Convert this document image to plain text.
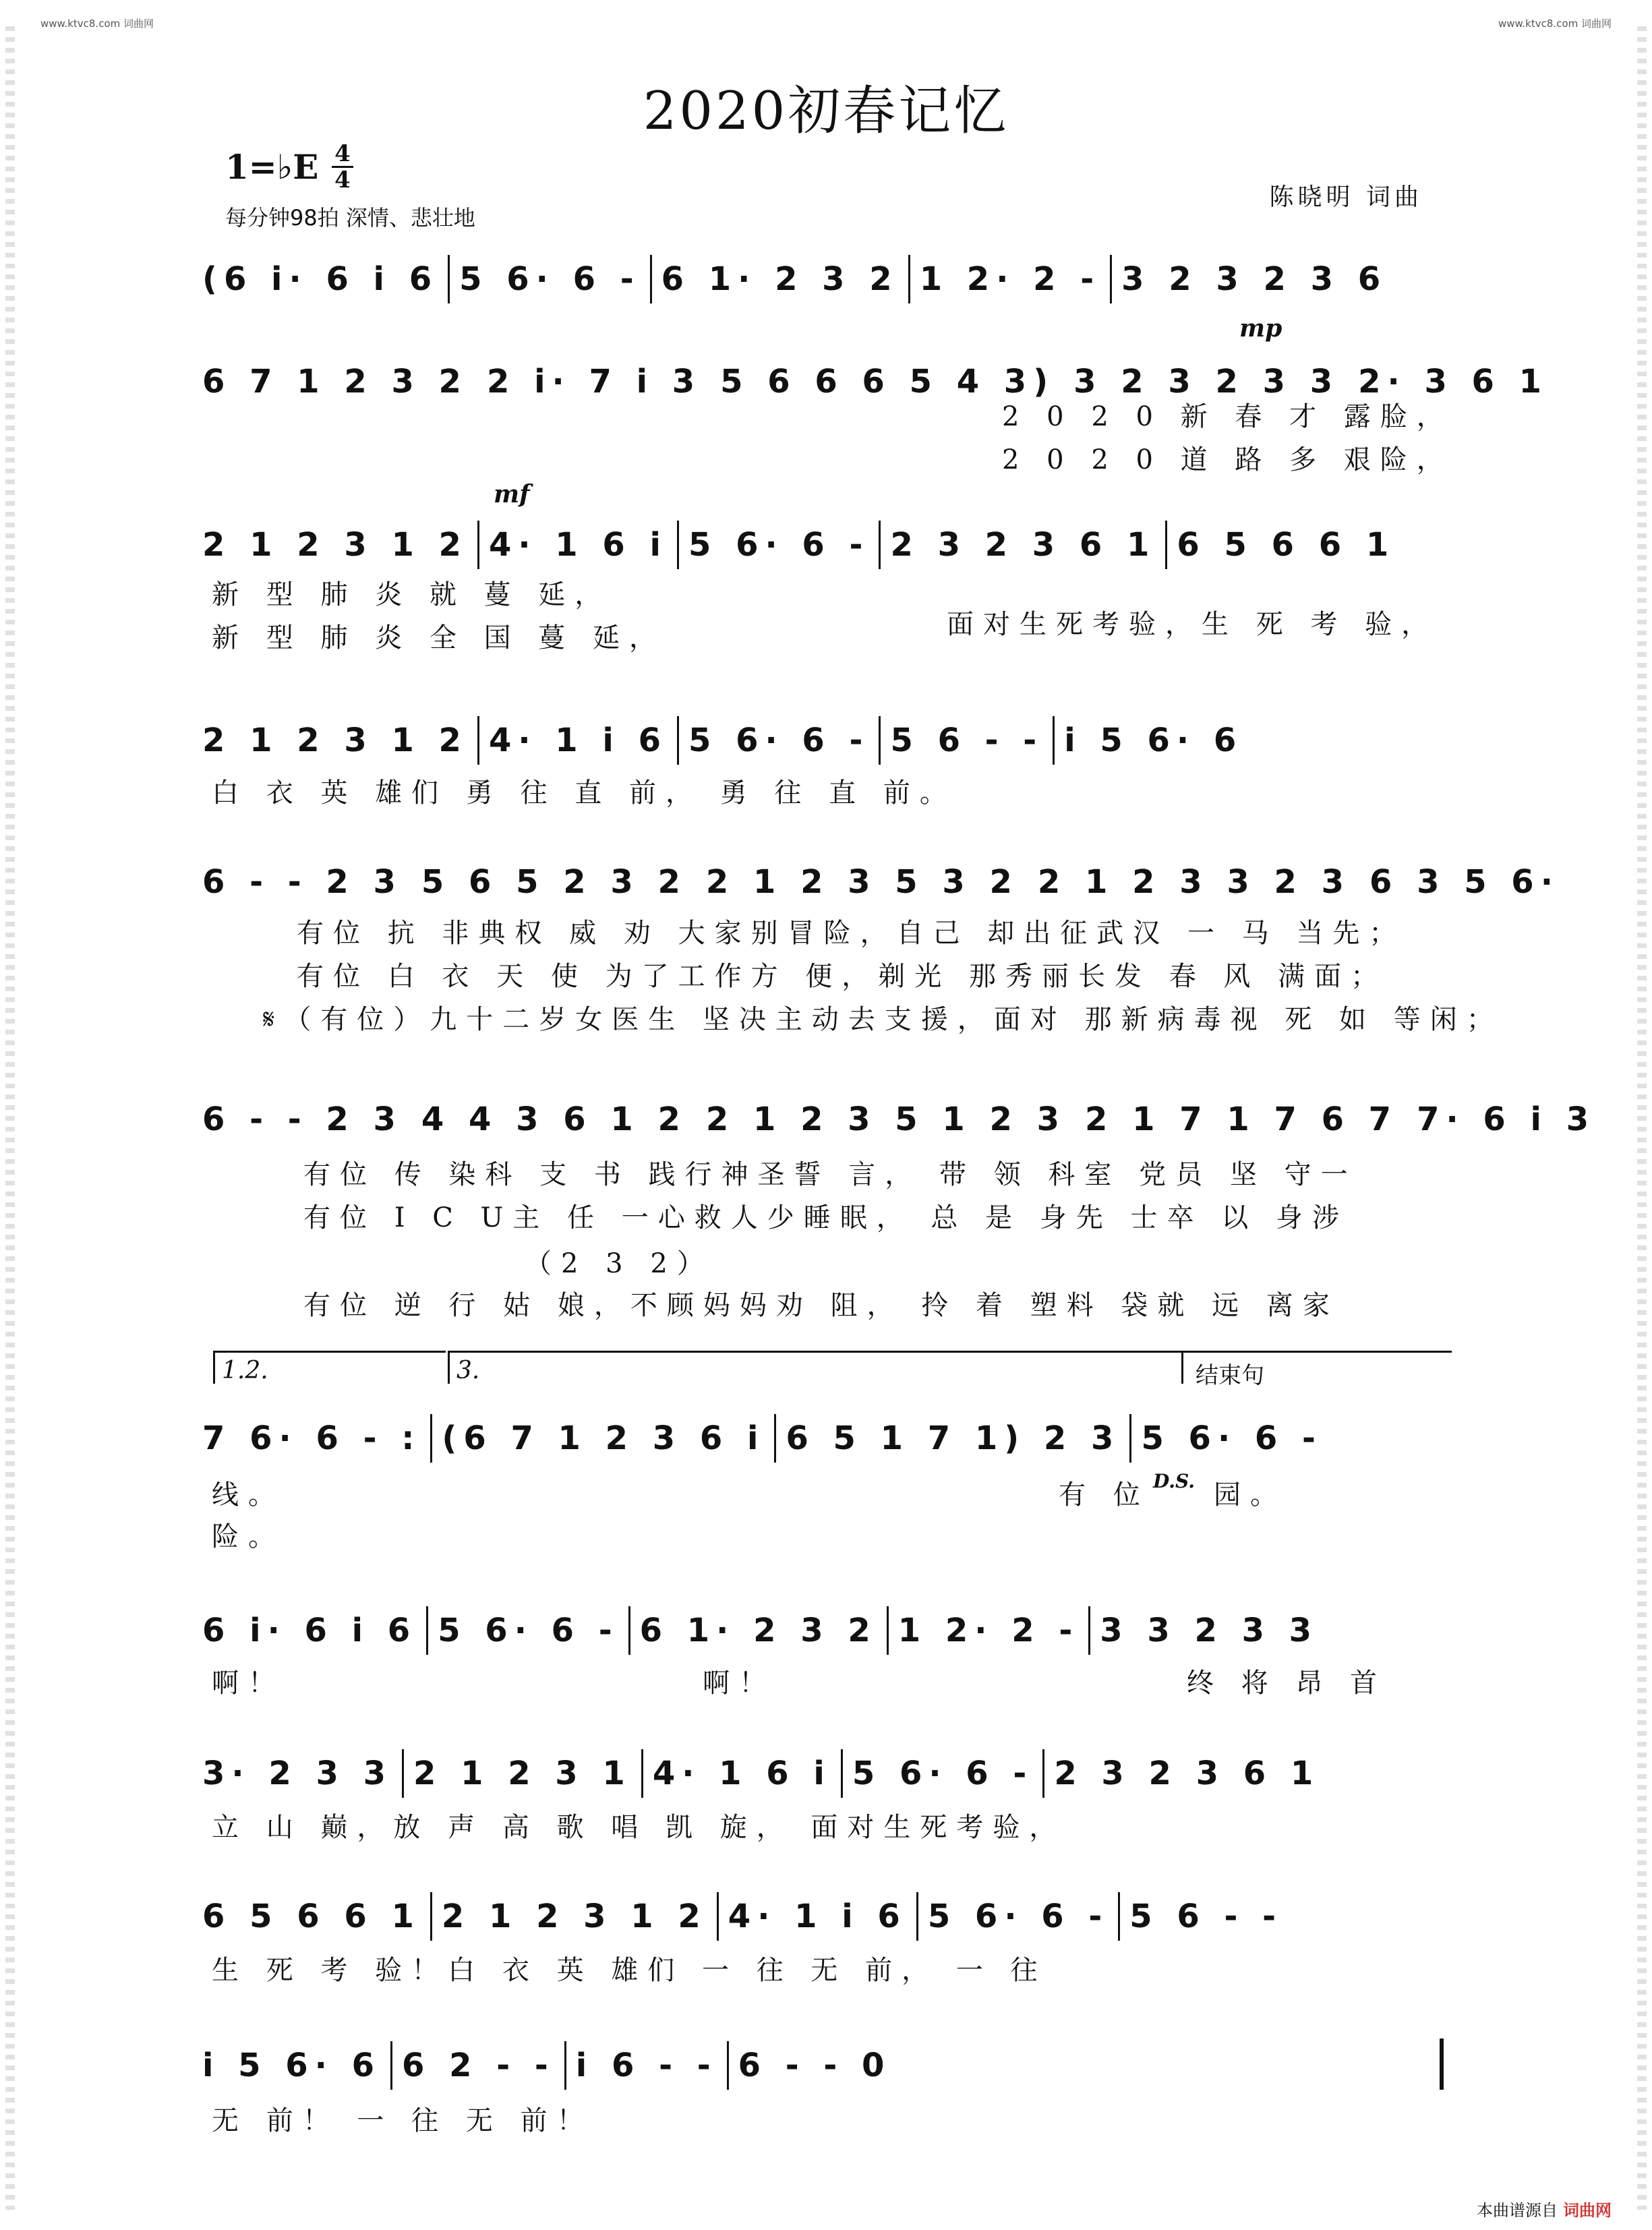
www.ktvc8.com 词曲网	www.ktvc8.com 词曲网
2020初春记忆
1=♭E 4
4
每分钟98拍 深情、悲壮地
陈晓明 词曲
(6 i· 6 i 6 5 6· 6 - 6 1· 2 3 2 1 2· 2 - 3 2 3 2 3 6
6 7 1 2 3 2 2 i· 7 i 3 5 6 6 6 5 4 3) 3 2 3 2 3 3 2· 3 6 1
2 0 2 0 新 春 才 露脸，
2 0 2 0 道 路 多 艰险，
2 1 2 3 1 2 4· 1 6 i 5 6· 6 - 2 3 2 3 6 1 6 5 6 6 1
新 型 肺 炎 就 蔓 延，
新 型 肺 炎 全 国 蔓 延，	面对生死考验，生 死 考 验，
2 1 2 3 1 2 4· 1 i 6 5 6· 6 - 5 6 - - i 5 6· 6
白 衣 英 雄们 勇 往 直 前， 勇 往 直 前。
6 - - 2 3 5 6 5 2 3 2 2 1 2 3 5 3 2 2 1 2 3 3 2 3 6 3 5 6·
有位 抗 非典权 威 劝 大家别冒险，自己 却出征武汉 一 马 当先；
有位 白 衣 天 使 为了工作方 便，剃光 那秀丽长发 春 风 满面；
𝄋（有位）九十二岁女医生 坚决主动去支援，面对 那新病毒视 死 如 等闲；
6 - - 2 3 4 4 3 6 1 2 2 1 2 3 5 1 2 3 2 1 7 1 7 6 7 7· 6 i 3
有位 传 染科 支 书 践行神圣誓 言， 带 领 科室 党员 坚 守一
有位 I C U主 任 一心救人少睡眠， 总 是 身先 士卒 以 身涉
（2 3 2）
有位 逆 行 姑 娘，不顾妈妈劝 阻， 拎 着 塑料 袋就 远 离家
7 6· 6 - : (6 7 1 2 3 6 i 6 5 1 7 1) 2 3 5 6· 6 -
线。	有 位	园。
险。
6 i· 6 i 6 5 6· 6 - 6 1· 2 3 2 1 2· 2 - 3 3 2 3 3
啊！	啊！	终 将 昂 首
3· 2 3 3 2 1 2 3 1 4· 1 6 i 5 6· 6 - 2 3 2 3 6 1
立 山 巅，放 声 高 歌 唱 凯 旋， 面对生死考验，
6 5 6 6 1 2 1 2 3 1 2 4· 1 i 6 5 6· 6 - 5 6 - -
生 死 考 验！白 衣 英 雄们 一 往 无 前， 一 往
i 5 6· 6 6 2 - - i 6 - - 6 - - 0
无 前！ 一 往 无 前！
mp
mf
1.2.	3.	结束句
D.S.
本曲谱源自 词曲网
